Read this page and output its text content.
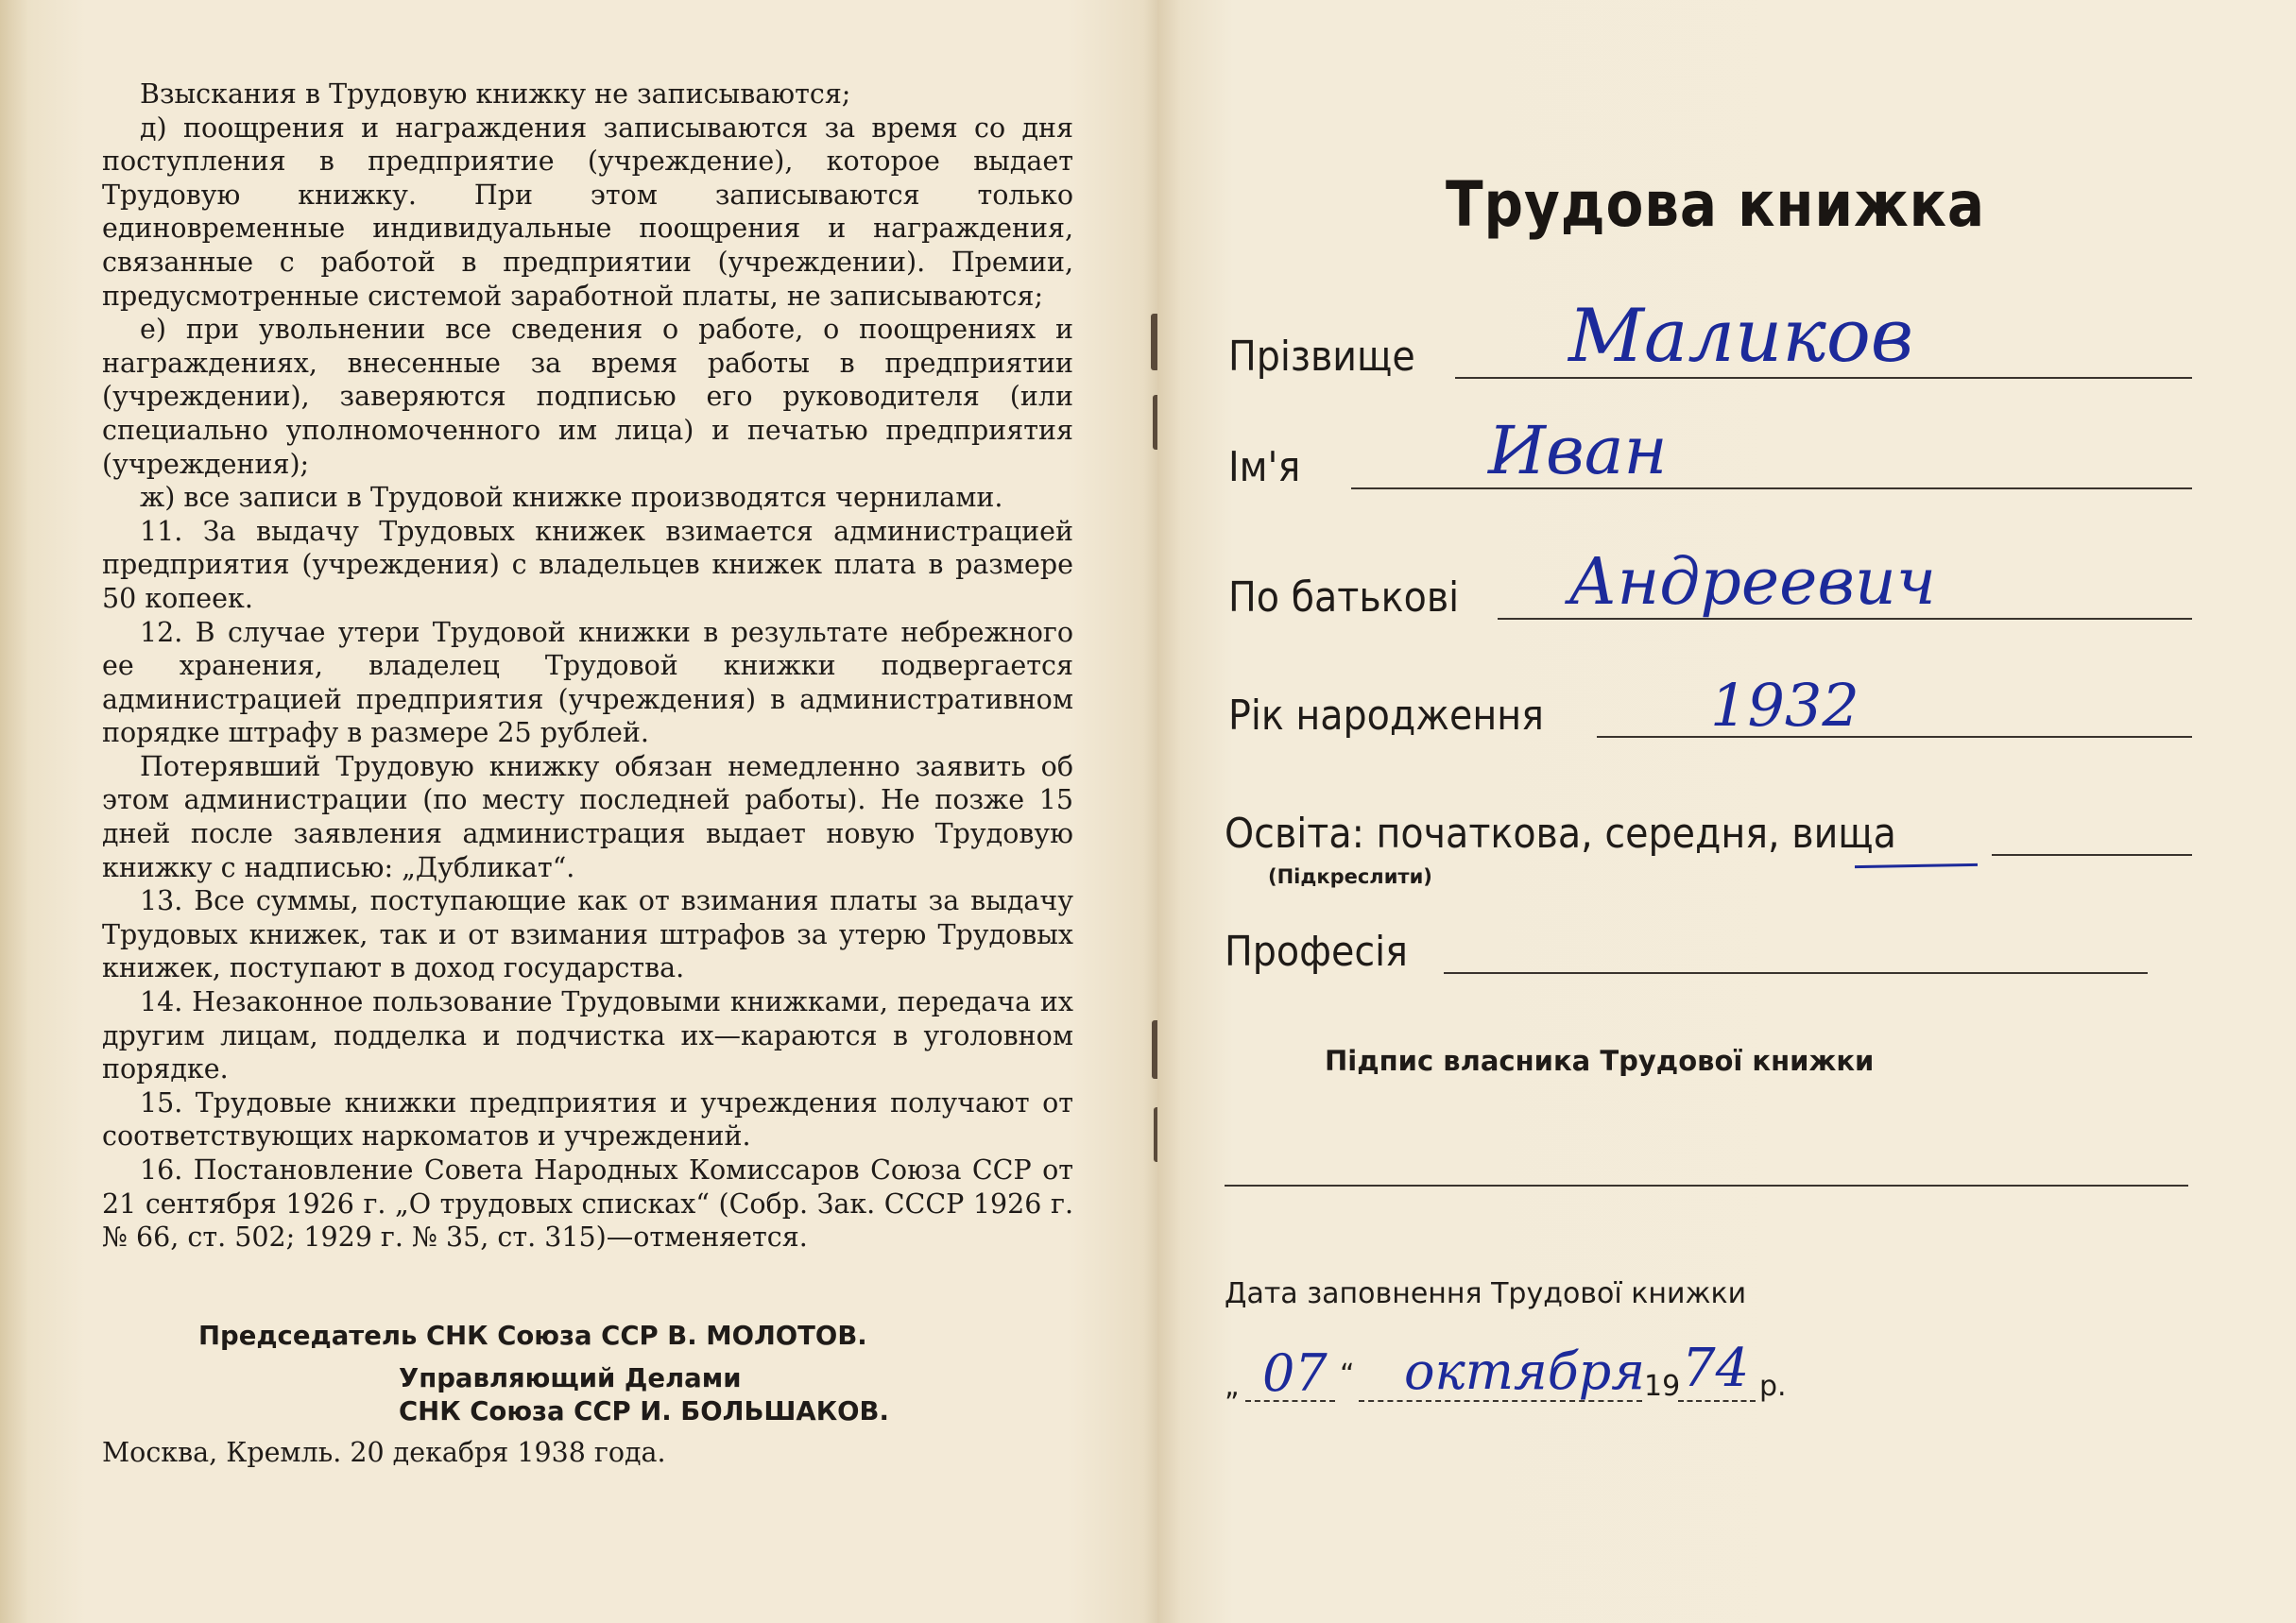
Взыскания в Трудовую книжку не записываются;

д) поощрения и награждения записываются за время со дня поступления в предприятие (учреждение), которое выдает Трудовую книжку. При этом записываются только единовременные индивидуальные поощрения и награждения, связанные с работой в предприятии (учреждении). Премии, предусмотренные системой заработной платы, не записываются;

е) при увольнении все сведения о работе, о поощрениях и награждениях, внесенные за время работы в предприятии (учреждении), заверяются подписью его руководителя (или специально уполномоченного им лица) и печатью предприятия (учреждения);

ж) все записи в Трудовой книжке производятся чернилами.

11. За выдачу Трудовых книжек взимается администрацией предприятия (учреждения) с владельцев книжек плата в размере 50 копеек.

12. В случае утери Трудовой книжки в результате небрежного ее хранения, владелец Трудовой книжки подвергается администрацией предприятия (учреждения) в административном порядке штрафу в размере 25 рублей.

Потерявший Трудовую книжку обязан немедленно заявить об этом администрации (по месту последней работы). Не позже 15 дней после заявления администрация выдает новую Трудовую книжку с надписью: „Дубликат“.

13. Все суммы, поступающие как от взимания платы за выдачу Трудовых книжек, так и от взимания штрафов за утерю Трудовых книжек, поступают в доход государства.

14. Незаконное пользование Трудовыми книжками, передача их другим лицам, подделка и подчистка их—караются в уголовном порядке.

15. Трудовые книжки предприятия и учреждения получают от соответствующих наркоматов и учреждений.

16. Постановление Совета Народных Комиссаров Союза ССР от 21 сентября 1926 г. „О трудовых списках“ (Собр. Зак. СССР 1926 г. № 66, ст. 502; 1929 г. № 35, ст. 315)—отменяется.

Председатель СНК Союза ССР В. МОЛОТОВ.
Управляющий Делами
СНК Союза ССР И. БОЛЬШАКОВ.
Москва, Кремль. 20 декабря 1938 года.
Трудова книжка
Прізвище Маликов
Ім'я	Иван
По батькові Андреевич
Рік народження	1932
Освіта: початкова, середня, вища
(Підкреслити)
Професія
Підпис власника Трудової книжки
Дата заповнення Трудової книжки
„ 07 “ октября 19 74 р.
